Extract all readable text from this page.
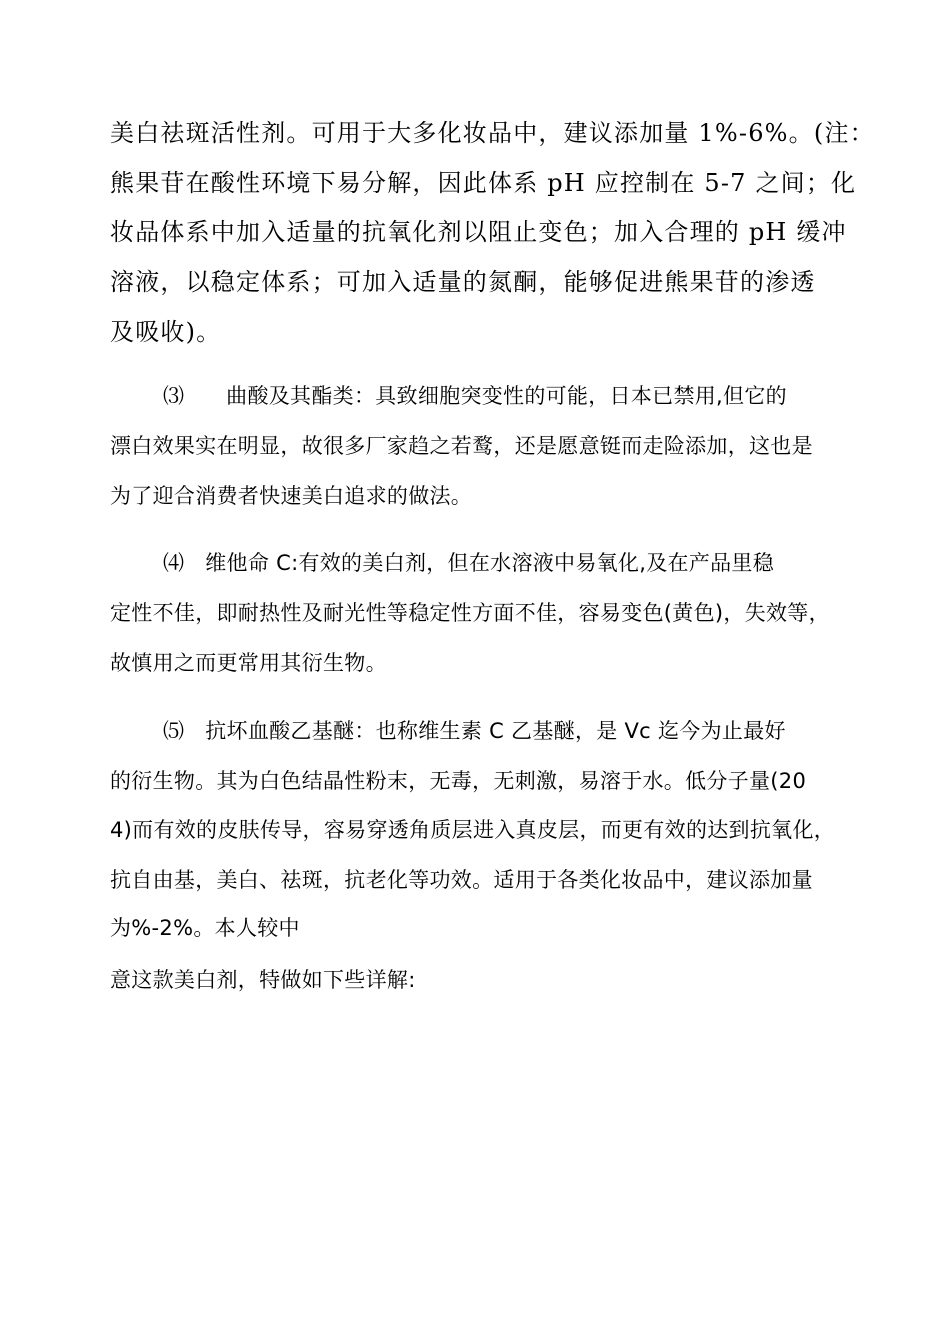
美白祛斑活性剂。可用于大多化妆品中，建议添加量 1%-6%。(注：
熊果苷在酸性环境下易分解，因此体系 pH 应控制在 5-7 之间；化
妆品体系中加入适量的抗氧化剂以阻止变色；加入合理的 pH 缓冲
溶液，以稳定体系；可加入适量的氮酮，能够促进熊果苷的渗透
及吸收)。
⑶      曲酸及其酯类：具致细胞突变性的可能，日本已禁用,但它的
漂白效果实在明显，故很多厂家趋之若鹜，还是愿意铤而走险添加，这也是
为了迎合消费者快速美白追求的做法。
⑷   维他命 C:有效的美白剂，但在水溶液中易氧化,及在产品里稳
定性不佳，即耐热性及耐光性等稳定性方面不佳，容易变色(黄色)，失效等，
故慎用之而更常用其衍生物。
⑸   抗坏血酸乙基醚：也称维生素 C 乙基醚，是 Vc 迄今为止最好
的衍生物。其为白色结晶性粉末，无毒，无刺激，易溶于水。低分子量(20
4)而有效的皮肤传导，容易穿透角质层进入真皮层，而更有效的达到抗氧化，
抗自由基，美白、祛斑，抗老化等功效。适用于各类化妆品中，建议添加量
为%-2%。本人较中
意这款美白剂，特做如下些详解:
